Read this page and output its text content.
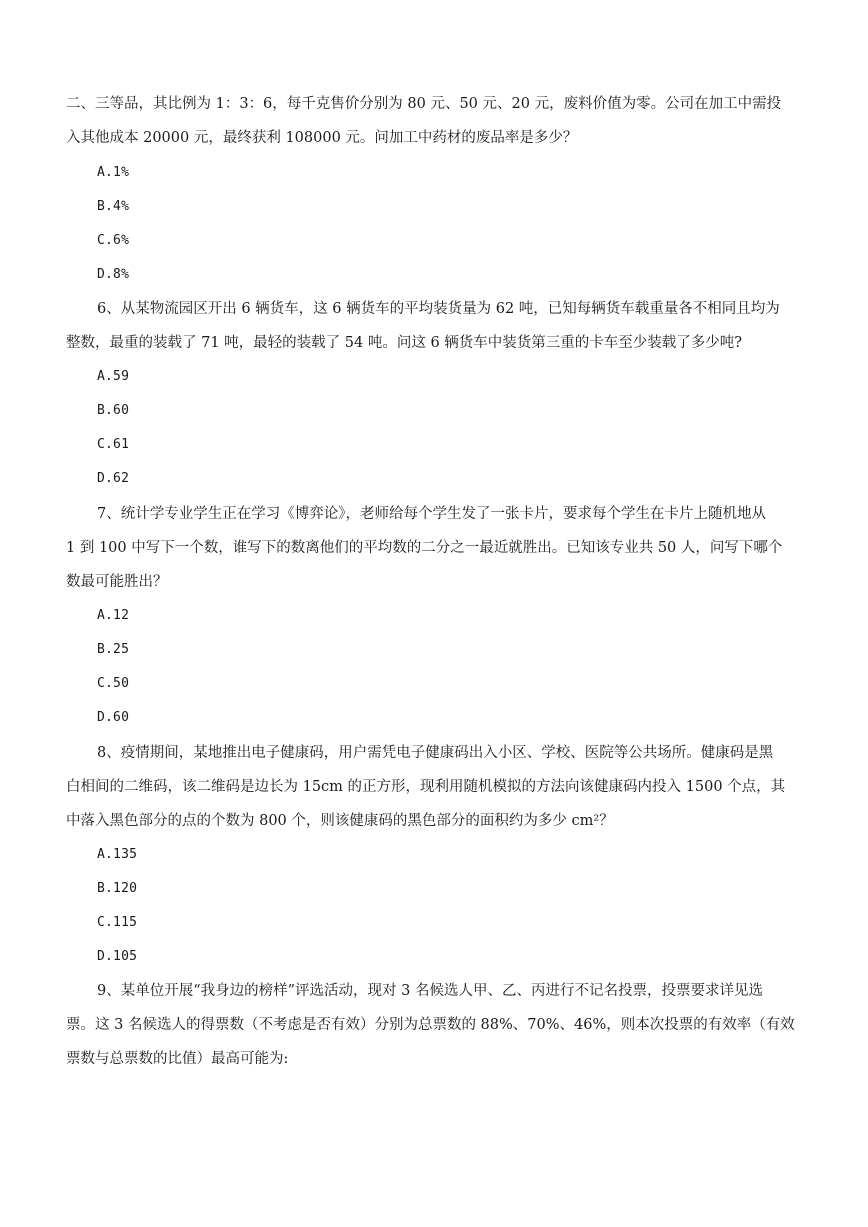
二、三等品，其比例为 1：3：6，每千克售价分别为 80 元、50 元、20 元，废料价值为零。公司在加工中需投
入其他成本 20000 元，最终获利 108000 元。问加工中药材的废品率是多少？
A.1%
B.4%
C.6%
D.8%
6、从某物流园区开出 6 辆货车，这 6 辆货车的平均装货量为 62 吨，已知每辆货车载重量各不相同且均为
整数，最重的装载了 71 吨，最轻的装载了 54 吨。问这 6 辆货车中装货第三重的卡车至少装载了多少吨?
A.59
B.60
C.61
D.62
7、统计学专业学生正在学习《博弈论》，老师给每个学生发了一张卡片，要求每个学生在卡片上随机地从
1 到 100 中写下一个数，谁写下的数离他们的平均数的二分之一最近就胜出。已知该专业共 50 人，问写下哪个
数最可能胜出？
A.12
B.25
C.50
D.60
8、疫情期间，某地推出电子健康码，用户需凭电子健康码出入小区、学校、医院等公共场所。健康码是黑
白相间的二维码，该二维码是边长为 15cm 的正方形，现利用随机模拟的方法向该健康码内投入 1500 个点，其
中落入黑色部分的点的个数为 800 个，则该健康码的黑色部分的面积约为多少 cm²？
A.135
B.120
C.115
D.105
9、某单位开展“我身边的榜样”评选活动，现对 3 名候选人甲、乙、丙进行不记名投票，投票要求详见选
票。这 3 名候选人的得票数（不考虑是否有效）分别为总票数的 88%、70%、46%，则本次投票的有效率（有效
票数与总票数的比值）最高可能为:
